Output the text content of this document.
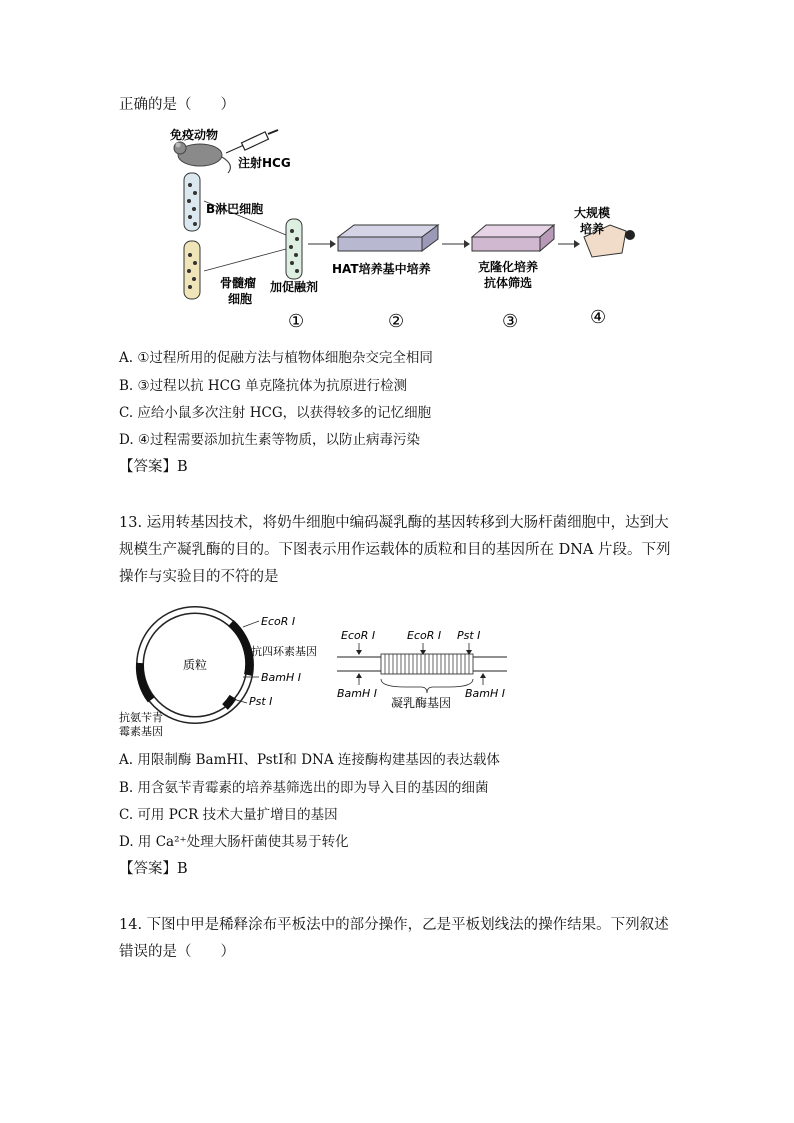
正确的是（　　）
免疫动物
注射HCG
B淋巴细胞
骨髓瘤
细胞
加促融剂
HAT培养基中培养	克隆化培养
抗体筛选
大规模
培养
①	②	③	④
A. ①过程所用的促融方法与植物体细胞杂交完全相同
B. ③过程以抗 HCG 单克隆抗体为抗原进行检测
C. 应给小鼠多次注射 HCG，以获得较多的记忆细胞
D. ④过程需要添加抗生素等物质，以防止病毒污染
【答案】B
13. 运用转基因技术，将奶牛细胞中编码凝乳酶的基因转移到大肠杆菌细胞中，达到大规模生产凝乳酶的目的。下图表示用作运载体的质粒和目的基因所在 DNA 片段。下列操作与实验目的不符的是
质粒
EcoR Ⅰ
抗四环素基因
BamH Ⅰ
Pst Ⅰ
抗氨苄青
霉素基因
EcoR Ⅰ	EcoR Ⅰ Pst Ⅰ
BamH Ⅰ	BamH Ⅰ
凝乳酶基因
A. 用限制酶 BamHⅠ、PstⅠ和 DNA 连接酶构建基因的表达载体
B. 用含氨苄青霉素的培养基筛选出的即为导入目的基因的细菌
C. 可用 PCR 技术大量扩增目的基因
D. 用 Ca²⁺处理大肠杆菌使其易于转化
【答案】B
14. 下图中甲是稀释涂布平板法中的部分操作，乙是平板划线法的操作结果。下列叙述错误的是（　　）
